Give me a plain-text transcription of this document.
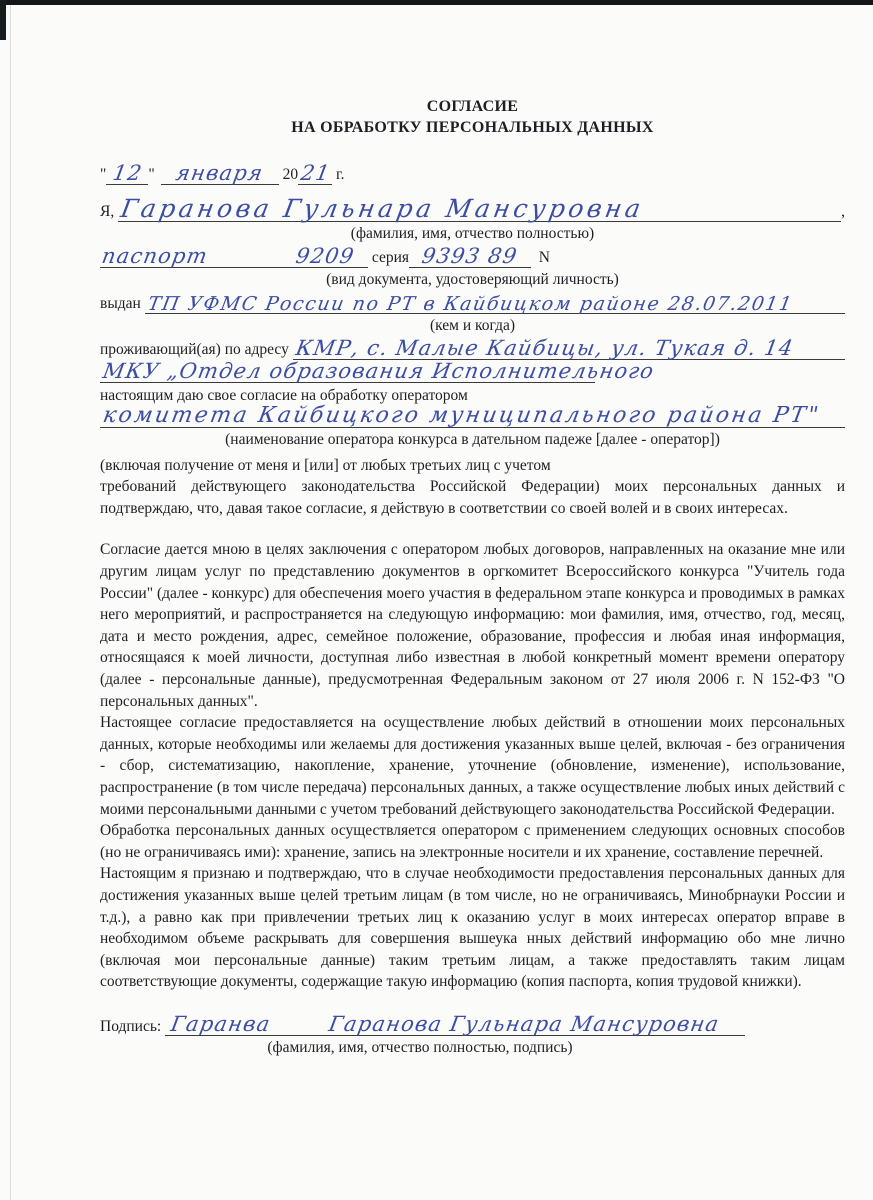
СОГЛАСИЕ
НА ОБРАБОТКУ ПЕРСОНАЛЬНЫХ ДАННЫХ
" 12 " января 20 21 г.
Я, Гаранова Гульнара Мансуровна	,
(фамилия, имя, отчество полностью)
паспорт	9209 серия 9393 89 N
(вид документа, удостоверяющий личность)
выдан ТП УФМС России по РТ в Кайбицком районе 28.07.2011
(кем и когда)
проживающий(ая) по адресу КМР, с. Малые Кайбицы, ул. Тукая д. 14
МКУ „Отдел образования Исполнительного
настоящим даю свое согласие на обработку оператором
комитета Кайбицкого муниципального района РТ"
(наименование оператора конкурса в дательном падеже [далее - оператор])

(включая получение от меня и [или] от любых третьих лиц с учетом

требований действующего законодательства Российской Федерации) моих персональных данных и подтверждаю, что, давая такое согласие, я действую в соответствии со своей волей и в своих интересах.

Согласие дается мною в целях заключения с оператором любых договоров, направленных на оказание мне или другим лицам услуг по представлению документов в оргкомитет Всероссийского конкурса "Учитель года России" (далее - конкурс) для обеспечения моего участия в федеральном этапе конкурса и проводимых в рамках него мероприятий, и распространяется на следующую информацию: мои фамилия, имя, отчество, год, месяц, дата и место рождения, адрес, семейное положение, образование, профессия и любая иная информация, относящаяся к моей личности, доступная либо известная в любой конкретный момент времени оператору (далее - персональные данные), предусмотренная Федеральным законом от 27 июля 2006 г. N 152-ФЗ "О персональных данных".

Настоящее согласие предоставляется на осуществление любых действий в отношении моих персональных данных, которые необходимы или желаемы для достижения указанных выше целей, включая - без ограничения - сбор, систематизацию, накопление, хранение, уточнение (обновление, изменение), использование, распространение (в том числе передача) персональных данных, а также осуществление любых иных действий с моими персональными данными с учетом требований действующего законодательства Российской Федерации.

Обработка персональных данных осуществляется оператором с применением следующих основных способов (но не ограничиваясь ими): хранение, запись на электронные носители и их хранение, составление перечней.

Настоящим я признаю и подтверждаю, что в случае необходимости предоставления персональных данных для достижения указанных выше целей третьим лицам (в том числе, но не ограничиваясь, Минобрнауки России и т.д.), а равно как при привлечении третьих лиц к оказанию услуг в моих интересах оператор вправе в необходимом объеме раскрывать для совершения вышеука нных действий информацию обо мне лично (включая мои персональные данные) таким третьим лицам, а также предоставлять таким лицам соответствующие документы, содержащие такую информацию (копия паспорта, копия трудовой книжки).

Подпись: Гаранва	Гаранова Гульнара Мансуровна
(фамилия, имя, отчество полностью, подпись)
